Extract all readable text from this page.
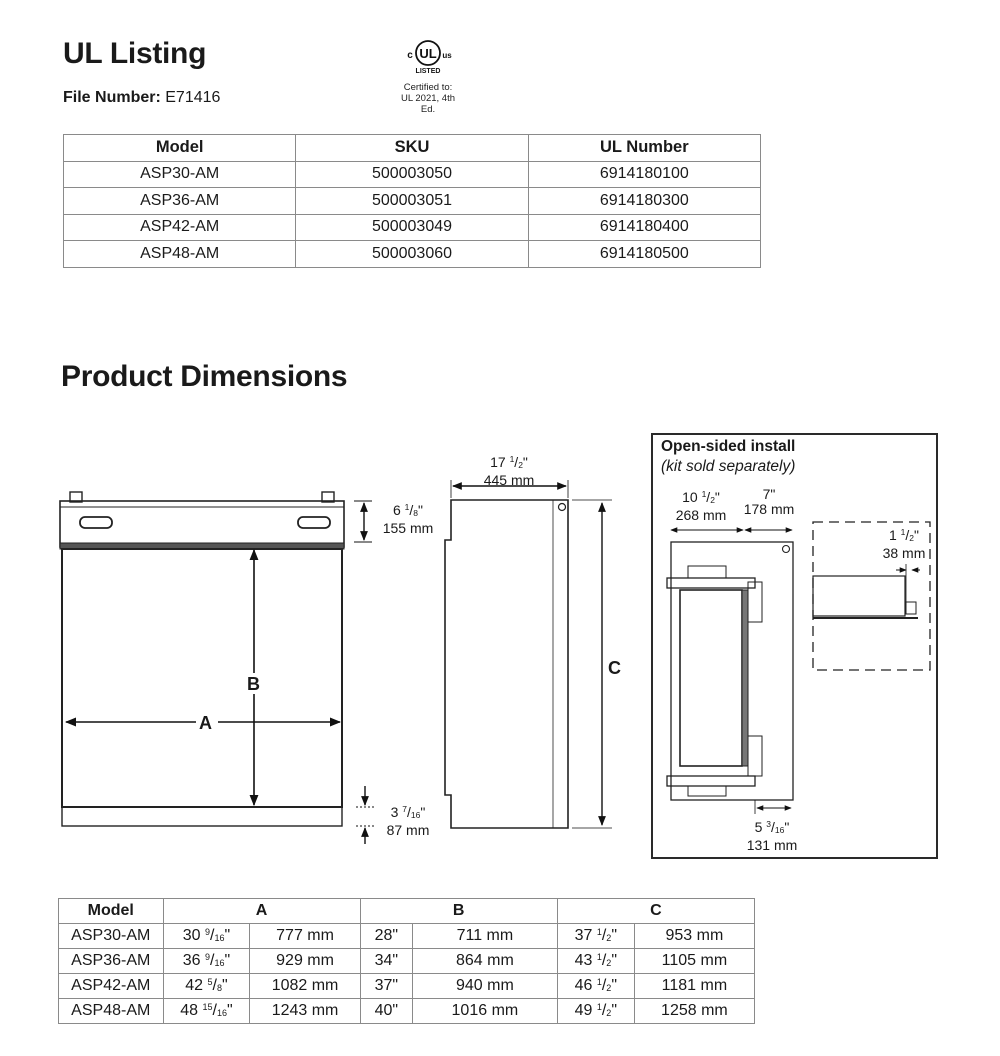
UL Listing
File Number: E71416
UL
c	us
LISTED
Certified to:
UL 2021, 4th
Ed.
Model	SKU	UL Number
ASP30-AM	500003050	6914180100
ASP36-AM	500003051	6914180300
ASP42-AM	500003049	6914180400
ASP48-AM	500003060	6914180500
Product Dimensions
A
B
C
6 $^1/_8$"
155 mm
3 $^7/_{16}$"
87 mm
17 $^1/_2$"
445 mm
Open-sided install
(kit sold separately)
10 $^1/_2$"
268 mm
7"
178 mm
1 $^1/_2$"
38 mm
5 $^3/_{16}$"
131 mm
Model	A		B		C	
ASP30-AM	30 $^9/_{16}$"	777 mm	28"	711 mm	37 $^1/_2$"	953 mm
ASP36-AM	36 $^9/_{16}$"	929 mm	34"	864 mm	43 $^1/_2$"	1105 mm
ASP42-AM	42 $^5/_8$"	1082 mm	37"	940 mm	46 $^1/_2$"	1181 mm
ASP48-AM	48 $^{15}/_{16}$"	1243 mm	40"	1016 mm	49 $^1/_2$"	1258 mm
